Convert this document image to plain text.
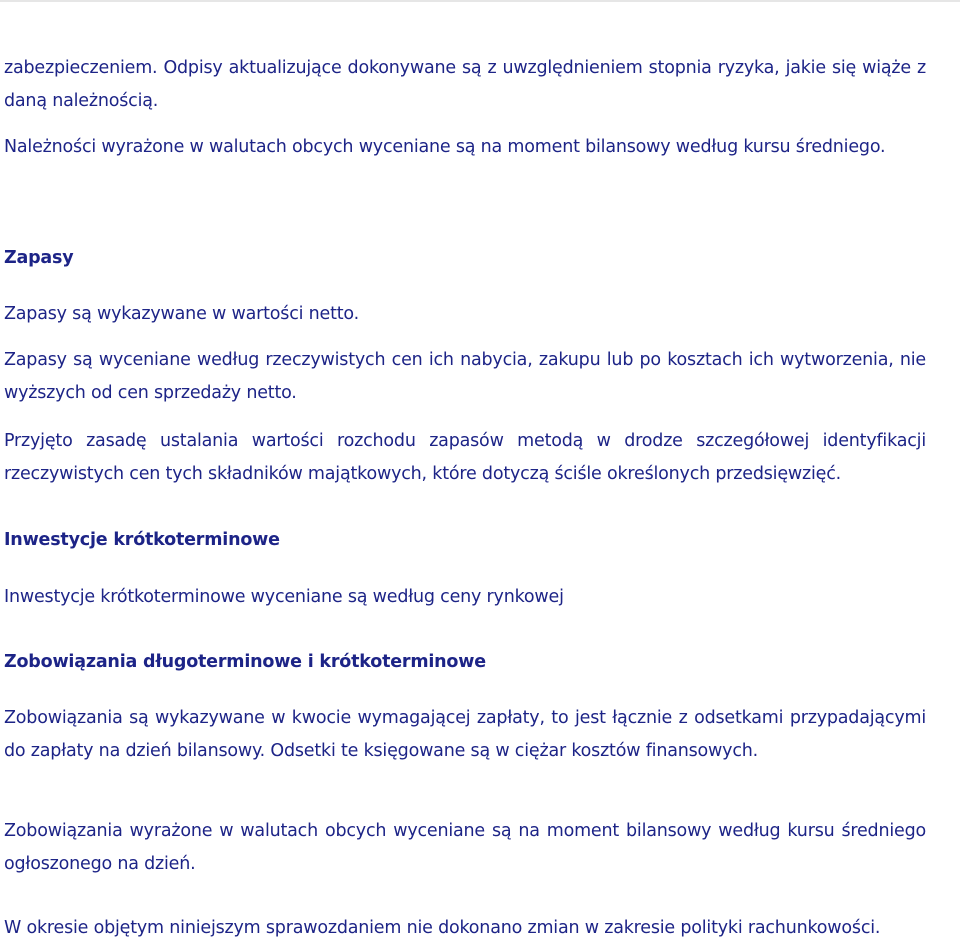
zabezpieczeniem. Odpisy aktualizujące dokonywane są z uwzględnieniem stopnia ryzyka, jakie się wiąże z daną należnością.

Należności wyrażone w walutach obcych wyceniane są na moment bilansowy według kursu średniego.

Zapasy

Zapasy są wykazywane w wartości netto.

Zapasy są wyceniane według rzeczywistych cen ich nabycia, zakupu lub po kosztach ich wytworzenia, nie wyższych od cen sprzedaży netto.

Przyjęto zasadę ustalania wartości rozchodu zapasów metodą w drodze szczegółowej identyfikacji rzeczywistych cen tych składników majątkowych, które dotyczą ściśle określonych przedsięwzięć.

Inwestycje krótkoterminowe

Inwestycje krótkoterminowe wyceniane są według ceny rynkowej

Zobowiązania długoterminowe i krótkoterminowe

Zobowiązania są wykazywane w kwocie wymagającej zapłaty, to jest łącznie z odsetkami przypadającymi do zapłaty na dzień bilansowy. Odsetki te księgowane są w ciężar kosztów finansowych.

Zobowiązania wyrażone w walutach obcych wyceniane są na moment bilansowy według kursu średniego ogłoszonego na dzień.

W okresie objętym niniejszym sprawozdaniem nie dokonano zmian w zakresie polityki rachunkowości.
